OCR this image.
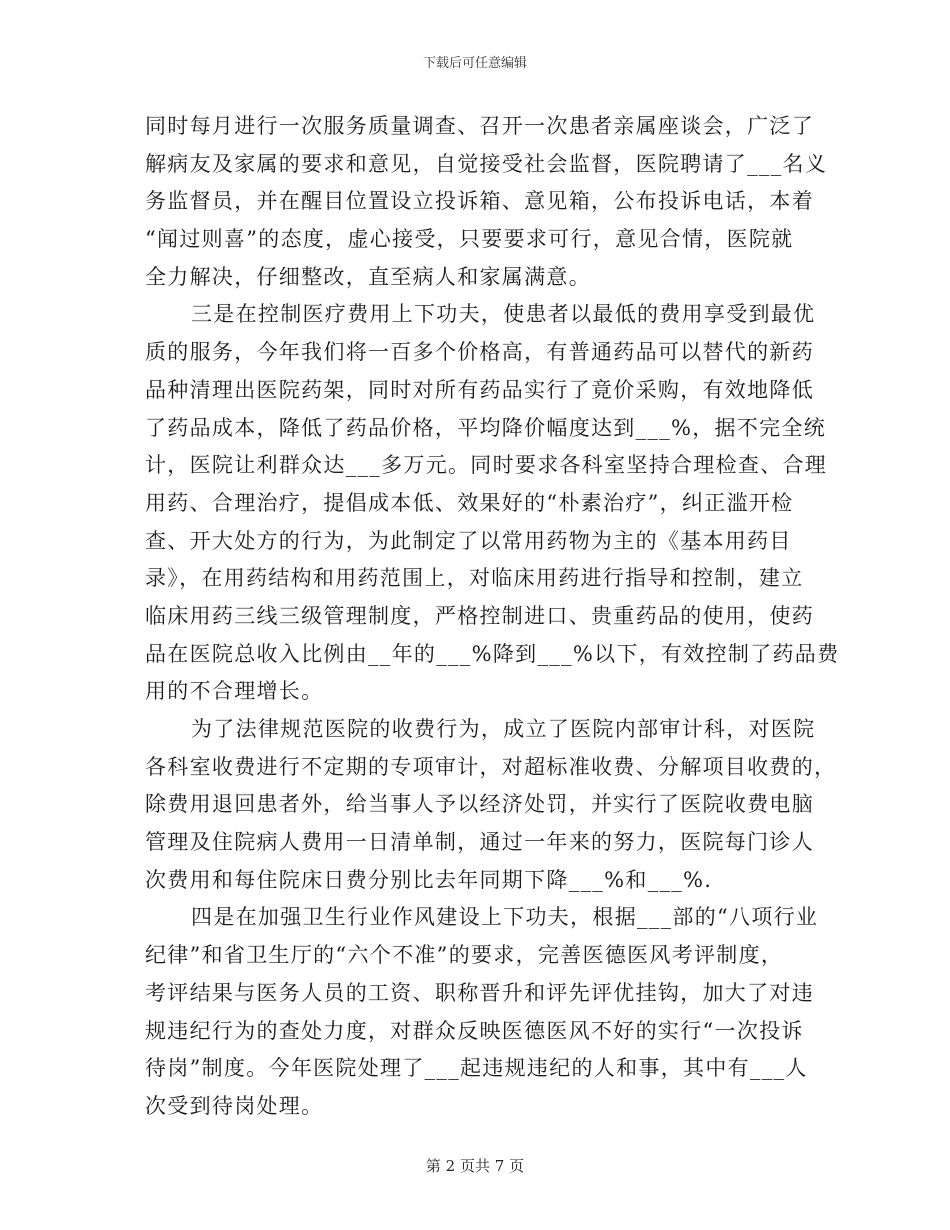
下载后可任意编辑
同时每月进行一次服务质量调查、召开一次患者亲属座谈会，广泛了
解病友及家属的要求和意见，自觉接受社会监督，医院聘请了___名义
务监督员，并在醒目位置设立投诉箱、意见箱，公布投诉电话，本着
“闻过则喜”的态度，虚心接受，只要要求可行，意见合情，医院就
全力解决，仔细整改，直至病人和家属满意。
三是在控制医疗费用上下功夫，使患者以最低的费用享受到最优
质的服务，今年我们将一百多个价格高，有普通药品可以替代的新药
品种清理出医院药架，同时对所有药品实行了竟价采购，有效地降低
了药品成本，降低了药品价格，平均降价幅度达到___%，据不完全统
计，医院让利群众达___多万元。同时要求各科室坚持合理检查、合理
用药、合理治疗，提倡成本低、效果好的“朴素治疗”，纠正滥开检
查、开大处方的行为，为此制定了以常用药物为主的《基本用药目
录》，在用药结构和用药范围上，对临床用药进行指导和控制，建立
临床用药三线三级管理制度，严格控制进口、贵重药品的使用，使药
品在医院总收入比例由__年的___%降到___%以下，有效控制了药品费
用的不合理增长。
为了法律规范医院的收费行为，成立了医院内部审计科，对医院
各科室收费进行不定期的专项审计，对超标准收费、分解项目收费的，
除费用退回患者外，给当事人予以经济处罚，并实行了医院收费电脑
管理及住院病人费用一日清单制，通过一年来的努力，医院每门诊人
次费用和每住院床日费分别比去年同期下降___%和___%.
四是在加强卫生行业作风建设上下功夫，根据___部的“八项行业
纪律”和省卫生厅的“六个不准”的要求，完善医德医风考评制度，
考评结果与医务人员的工资、职称晋升和评先评优挂钩，加大了对违
规违纪行为的查处力度，对群众反映医德医风不好的实行“一次投诉
待岗”制度。今年医院处理了___起违规违纪的人和事，其中有___人
次受到待岗处理。
第 2 页共 7 页
